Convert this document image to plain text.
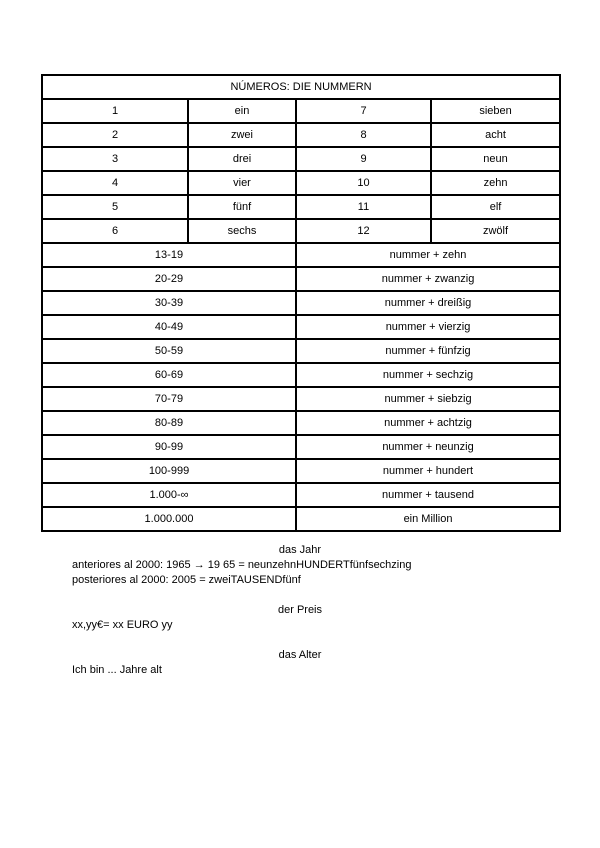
NÚMEROS: DIE NUMMERN			
1	ein	7	sieben
2	zwei	8	acht
3	drei	9	neun
4	vier	10	zehn
5	fünf	11	elf
6	sechs	12	zwölf
13-19		nummer + zehn	
20-29		nummer + zwanzig	
30-39		nummer + dreißig	
40-49		nummer + vierzig	
50-59		nummer + fünfzig	
60-69		nummer + sechzig	
70-79		nummer + siebzig	
80-89		nummer + achtzig	
90-99		nummer + neunzig	
100-999		nummer + hundert	
1.000-∞		nummer + tausend	
1.000.000		ein Million	
das Jahr
anteriores al 2000: 1965 → 19 65 = neunzehnHUNDERTfünfsechzing
posteriores al 2000: 2005 = zweiTAUSENDfünf
der Preis
xx,yy€= xx EURO yy
das Alter
Ich bin ... Jahre alt
